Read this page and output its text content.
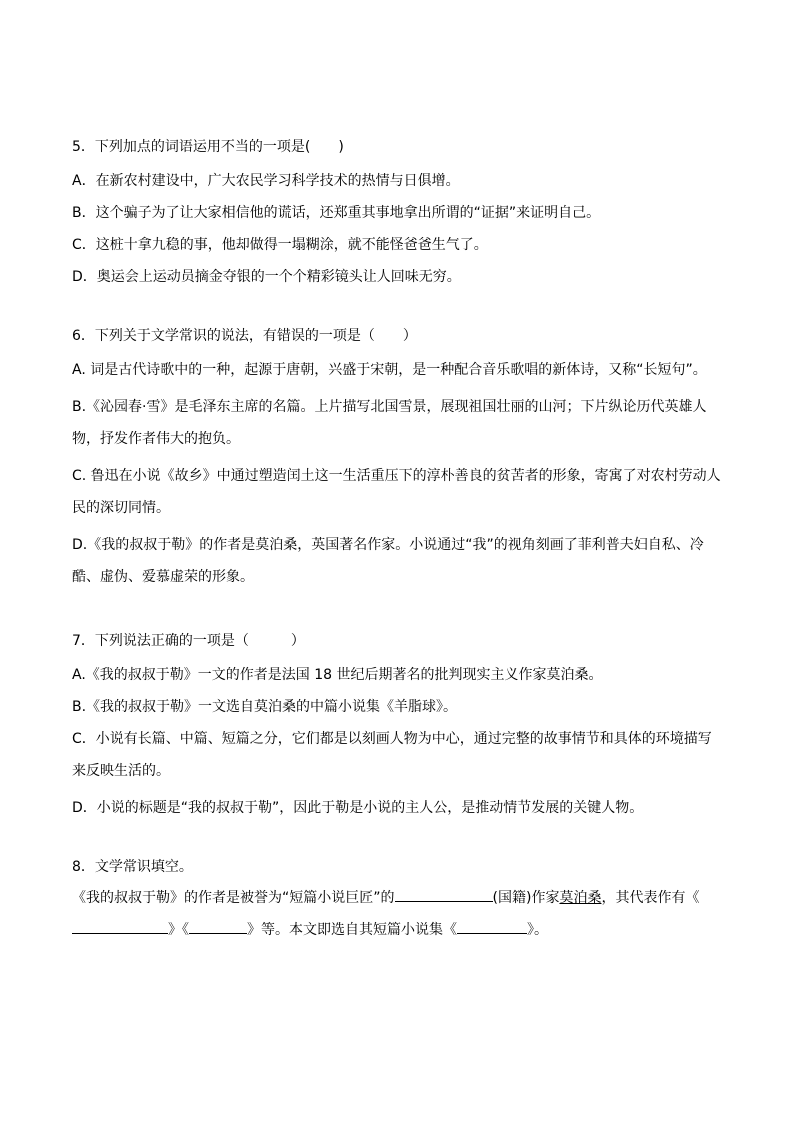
5．下列加点的词语运用不当的一项是(　　)

A．在新农村建设中，广大农民学习科学技术的热情与日俱增。

B．这个骗子为了让大家相信他的谎话，还郑重其事地拿出所谓的“证据”来证明自己。

C．这桩十拿九稳的事，他却做得一塌糊涂，就不能怪爸爸生气了。

D．奥运会上运动员摘金夺银的一个个精彩镜头让人回味无穷。

6．下列关于文学常识的说法，有错误的一项是（　　）

A. 词是古代诗歌中的一种，起源于唐朝，兴盛于宋朝，是一种配合音乐歌唱的新体诗，又称“长短句”。

B.《沁园春·雪》是毛泽东主席的名篇。上片描写北国雪景，展现祖国壮丽的山河；下片纵论历代英雄人物，抒发作者伟大的抱负。

C. 鲁迅在小说《故乡》中通过塑造闰土这一生活重压下的淳朴善良的贫苦者的形象，寄寓了对农村劳动人民的深切同情。

D.《我的叔叔于勒》的作者是莫泊桑，英国著名作家。小说通过“我”的视角刻画了菲利普夫妇自私、冷酷、虚伪、爱慕虚荣的形象。

7．下列说法正确的一项是（　　　）

A.《我的叔叔于勒》一文的作者是法国 18 世纪后期著名的批判现实主义作家莫泊桑。

B.《我的叔叔于勒》一文选自莫泊桑的中篇小说集《羊脂球》。

C．小说有长篇、中篇、短篇之分，它们都是以刻画人物为中心，通过完整的故事情节和具体的环境描写来反映生活的。

D．小说的标题是“我的叔叔于勒”，因此于勒是小说的主人公，是推动情节发展的关键人物。

8．文学常识填空。

《我的叔叔于勒》的作者是被誉为“短篇小说巨匠”的	(国籍)作家莫泊桑，其代表作有《》《	》等。本文即选自其短篇小说集《	》。
